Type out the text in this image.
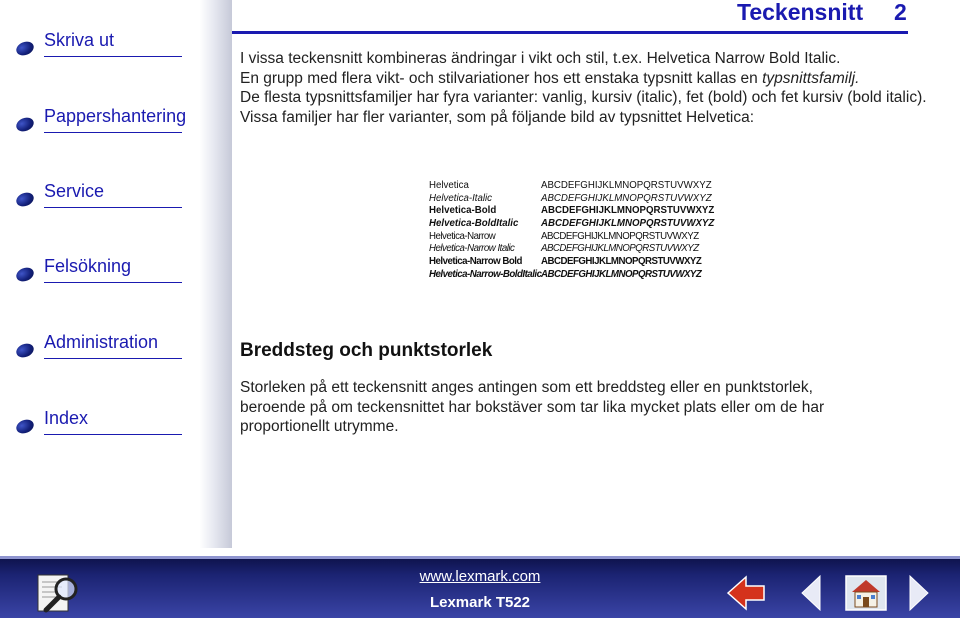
Skriva ut
Pappershantering
Service
Felsökning
Administration
Index
Teckensnitt 2
I vissa teckensnitt kombineras ändringar i vikt och stil, t.ex. Helvetica Narrow Bold Italic.
En grupp med flera vikt- och stilvariationer hos ett enstaka typsnitt kallas en typsnittsfamilj.
De flesta typsnittsfamiljer har fyra varianter: vanlig, kursiv (italic), fet (bold) och fet kursiv (bold italic). Vissa familjer har fler varianter, som på följande bild av typsnittet Helvetica:
Helvetica	ABCDEFGHIJKLMNOPQRSTUVWXYZ
Helvetica-Italic	ABCDEFGHIJKLMNOPQRSTUVWXYZ
Helvetica-Bold	ABCDEFGHIJKLMNOPQRSTUVWXYZ
Helvetica-BoldItalic ABCDEFGHIJKLMNOPQRSTUVWXYZ
Helvetica-Narrow	ABCDEFGHIJKLMNOPQRSTUVWXYZ
Helvetica-Narrow Italic	ABCDEFGHIJKLMNOPQRSTUVWXYZ
Helvetica-Narrow Bold ABCDEFGHIJKLMNOPQRSTUVWXYZ
Helvetica-Narrow-BoldItalic ABCDEFGHIJKLMNOPQRSTUVWXYZ
Breddsteg och punktstorlek
Storleken på ett teckensnitt anges antingen som ett breddsteg eller en punktstorlek, beroende på om teckensnittet har bokstäver som tar lika mycket plats eller om de har proportionellt utrymme.
www.lexmark.com
Lexmark T522
